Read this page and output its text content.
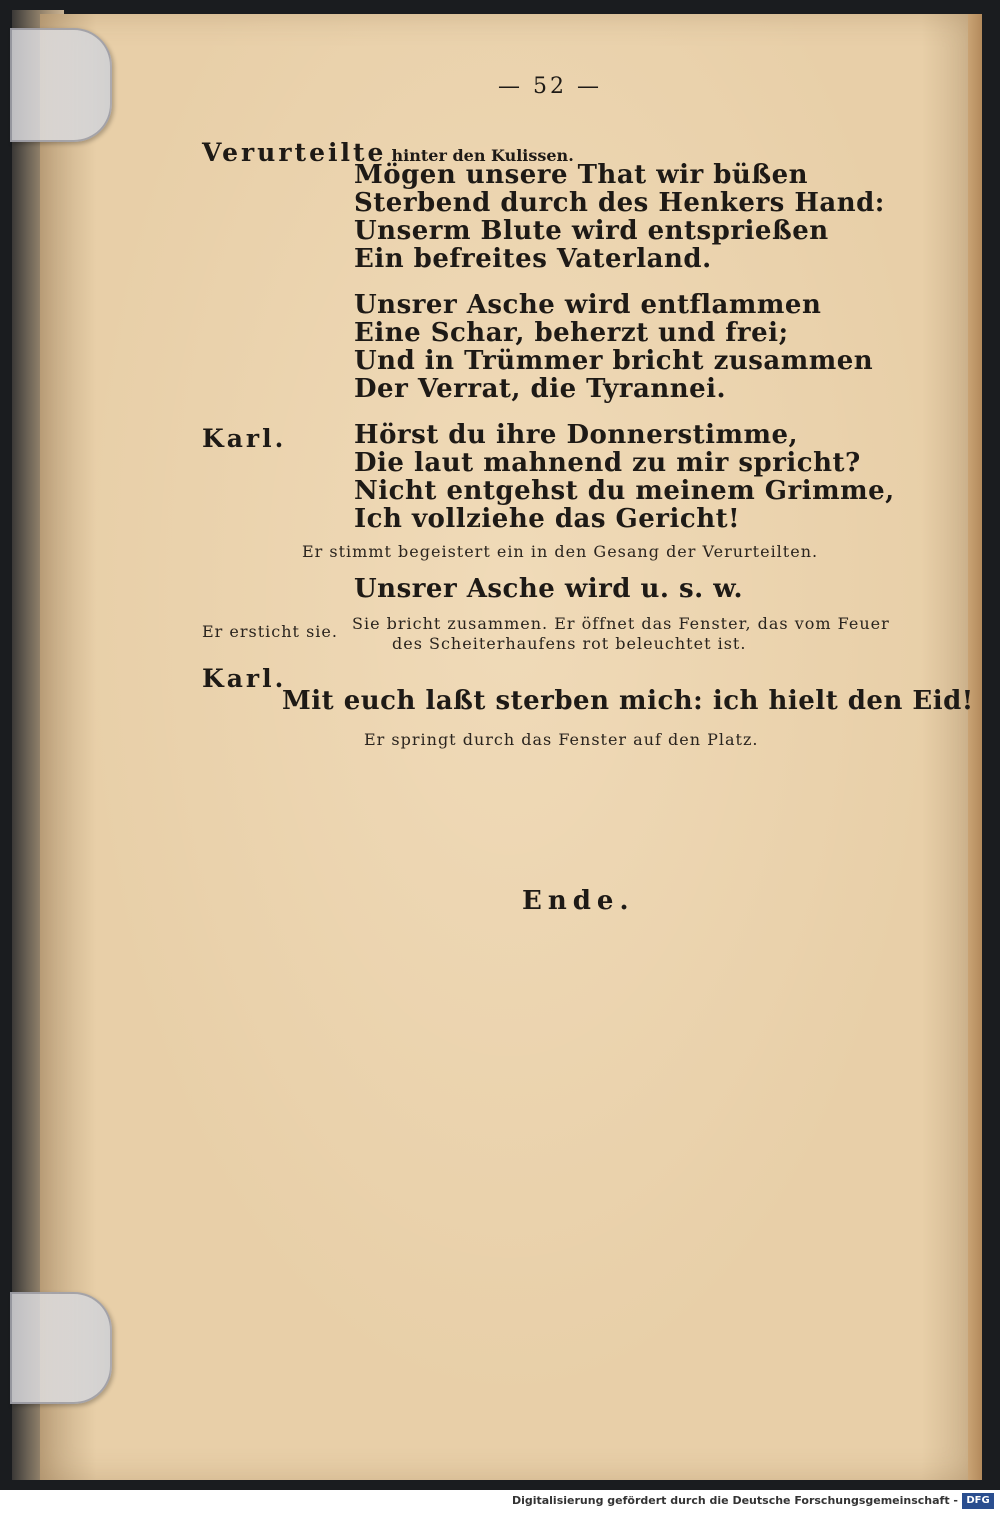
— 52 —
Verurteilte hinter den Kulissen.
Mögen unsere That wir büßen
Sterbend durch des Henkers Hand:
Unserm Blute wird entsprießen
Ein befreites Vaterland.
Unsrer Asche wird entflammen
Eine Schar, beherzt und frei;
Und in Trümmer bricht zusammen
Der Verrat, die Tyrannei.
Karl.	Hörst du ihre Donnerstimme,
Die laut mahnend zu mir spricht?
Nicht entgehst du meinem Grimme,
Ich vollziehe das Gericht!
Er stimmt begeistert ein in den Gesang der Verurteilten.
Unsrer Asche wird u. s. w.
Er ersticht sie. Sie bricht zusammen. Er öffnet das Fenster, das vom Feuer
des Scheiterhaufens rot beleuchtet ist.
Karl.
Mit euch laßt sterben mich: ich hielt den Eid!
Er springt durch das Fenster auf den Platz.
Ende.
Digitalisierung gefördert durch die Deutsche Forschungsgemeinschaft - DFG
